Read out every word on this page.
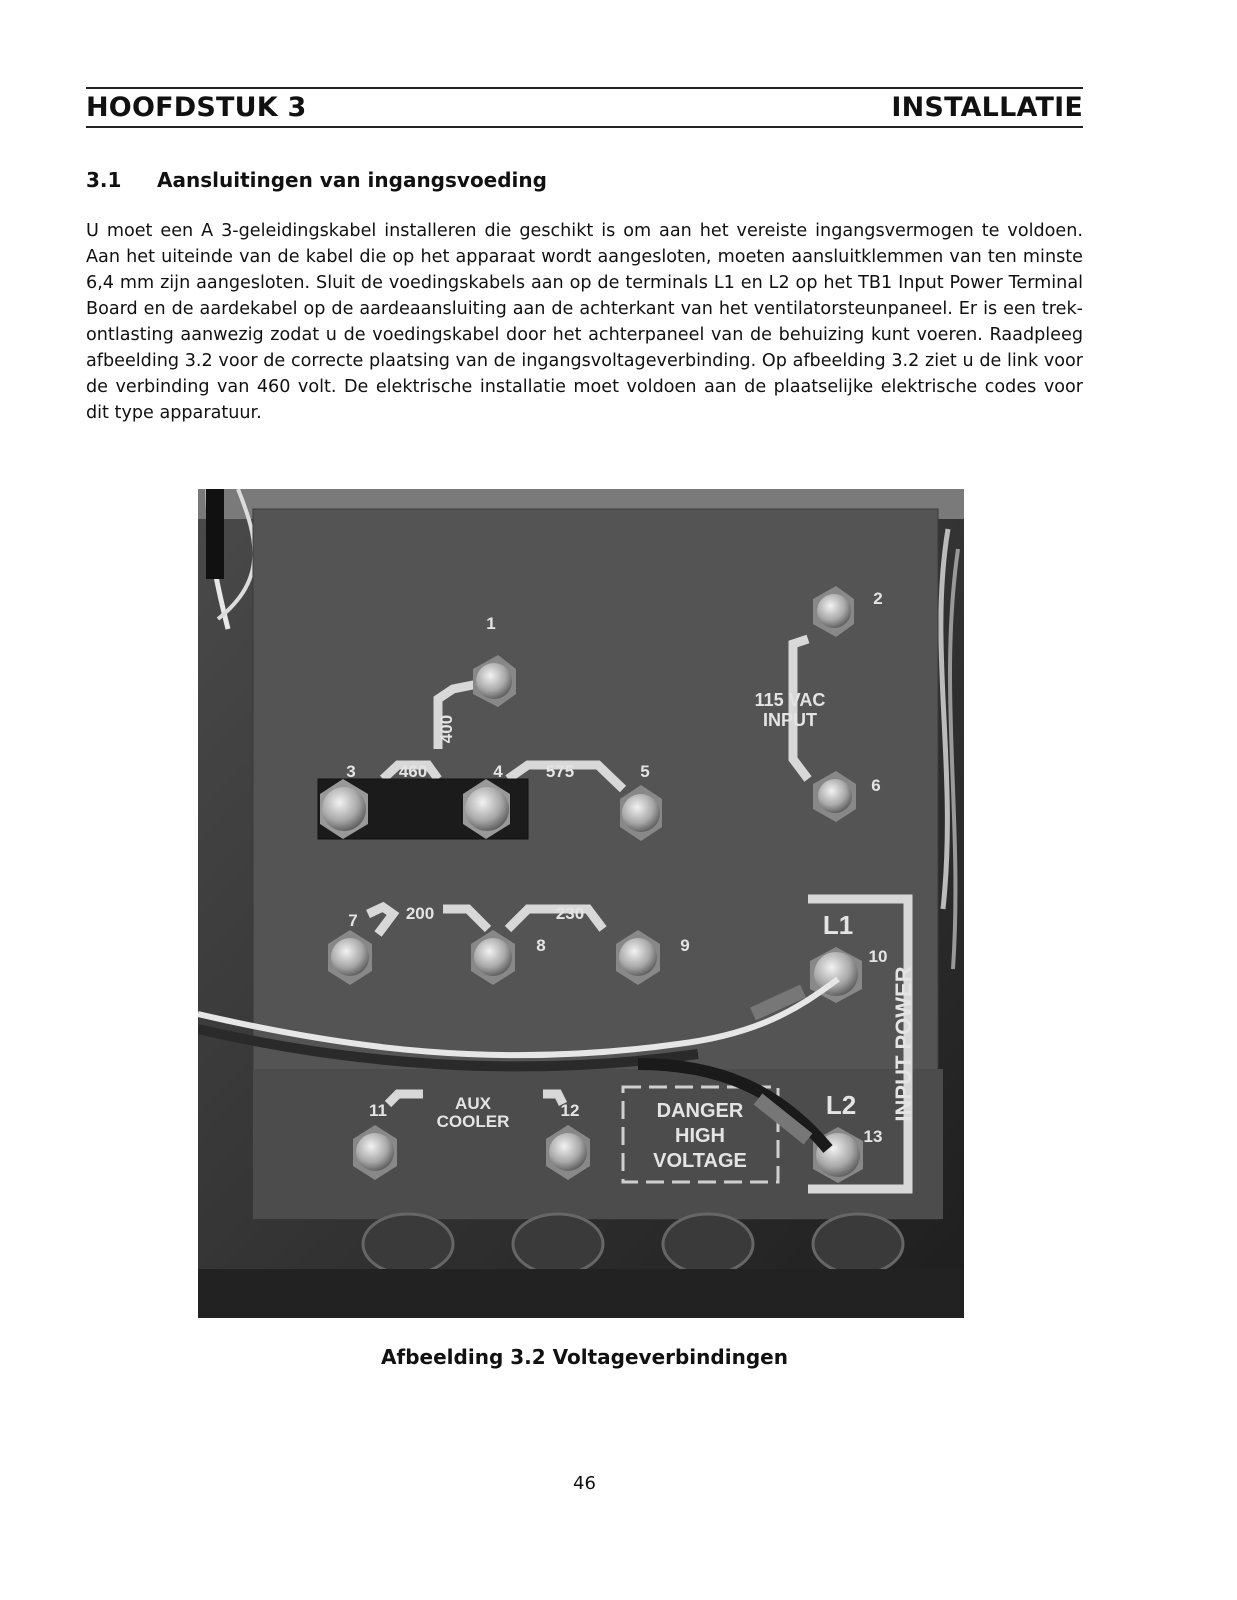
HOOFDSTUK 3	INSTALLATIE
3.1 Aansluitingen van ingangsvoeding
U moet een A 3-geleidingskabel installeren die geschikt is om aan het vereiste ingangsvermogen te voldoen. Aan het uiteinde van de kabel die op het apparaat wordt aangesloten, moeten aansluitklemmen van ten minste 6,4 mm zijn aangesloten. Sluit de voedingskabels aan op de terminals L1 en L2 op het TB1 Input Power Terminal Board en de aardekabel op de aardeaansluiting aan de achterkant van het ventilatorsteunpaneel. Er is een trek-ontlasting aanwezig zodat u de voedingskabel door het achterpaneel van de behuizing kunt voeren. Raadpleeg afbeelding 3.2 voor de correcte plaatsing van de ingangsvoltageverbinding. Op afbeelding 3.2 ziet u de link voor de verbinding van 460 volt. De elektrische installatie moet voldoen aan de plaatselijke elektrische codes voor dit type apparatuur.
1
2
3	4	5
6
7
8	9
10
11	12
13
400
460	575
200	230
115 VAC
INPUT
L1
L2 INPUT POWER
AUX
COOLER	DANGER
HIGH
VOLTAGE
Afbeelding 3.2 Voltageverbindingen
46
